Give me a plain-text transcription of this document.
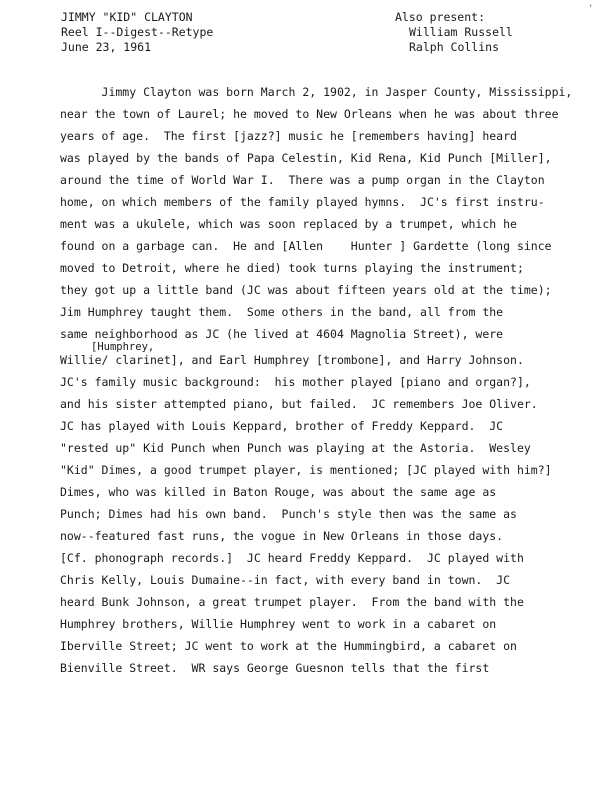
'
JIMMY "KID" CLAYTON
Reel I--Digest--Retype
June 23, 1961
Also present:
William Russell
Ralph Collins
Jimmy Clayton was born March 2, 1902, in Jasper County, Mississippi,
near the town of Laurel; he moved to New Orleans when he was about three
years of age.  The first [jazz?] music he [remembers having] heard
was played by the bands of Papa Celestin, Kid Rena, Kid Punch [Miller],
around the time of World War I.  There was a pump organ in the Clayton
home, on which members of the family played hymns.  JC's first instru-
ment was a ukulele, which was soon replaced by a trumpet, which he
found on a garbage can.  He and [Allen    Hunter ] Gardette (long since
moved to Detroit, where he died) took turns playing the instrument;
they got up a little band (JC was about fifteen years old at the time);
Jim Humphrey taught them.  Some others in the band, all from the
same neighborhood as JC (he lived at 4604 Magnolia Street), were
[Humphrey,
Willie/ clarinet], and Earl Humphrey [trombone], and Harry Johnson.
JC's family music background:  his mother played [piano and organ?],
and his sister attempted piano, but failed.  JC remembers Joe Oliver.
JC has played with Louis Keppard, brother of Freddy Keppard.  JC
"rested up" Kid Punch when Punch was playing at the Astoria.  Wesley
"Kid" Dimes, a good trumpet player, is mentioned; [JC played with him?]
Dimes, who was killed in Baton Rouge, was about the same age as
Punch; Dimes had his own band.  Punch's style then was the same as
now--featured fast runs, the vogue in New Orleans in those days.
[Cf. phonograph records.]  JC heard Freddy Keppard.  JC played with
Chris Kelly, Louis Dumaine--in fact, with every band in town.  JC
heard Bunk Johnson, a great trumpet player.  From the band with the
Humphrey brothers, Willie Humphrey went to work in a cabaret on
Iberville Street; JC went to work at the Hummingbird, a cabaret on
Bienville Street.  WR says George Guesnon tells that the first
